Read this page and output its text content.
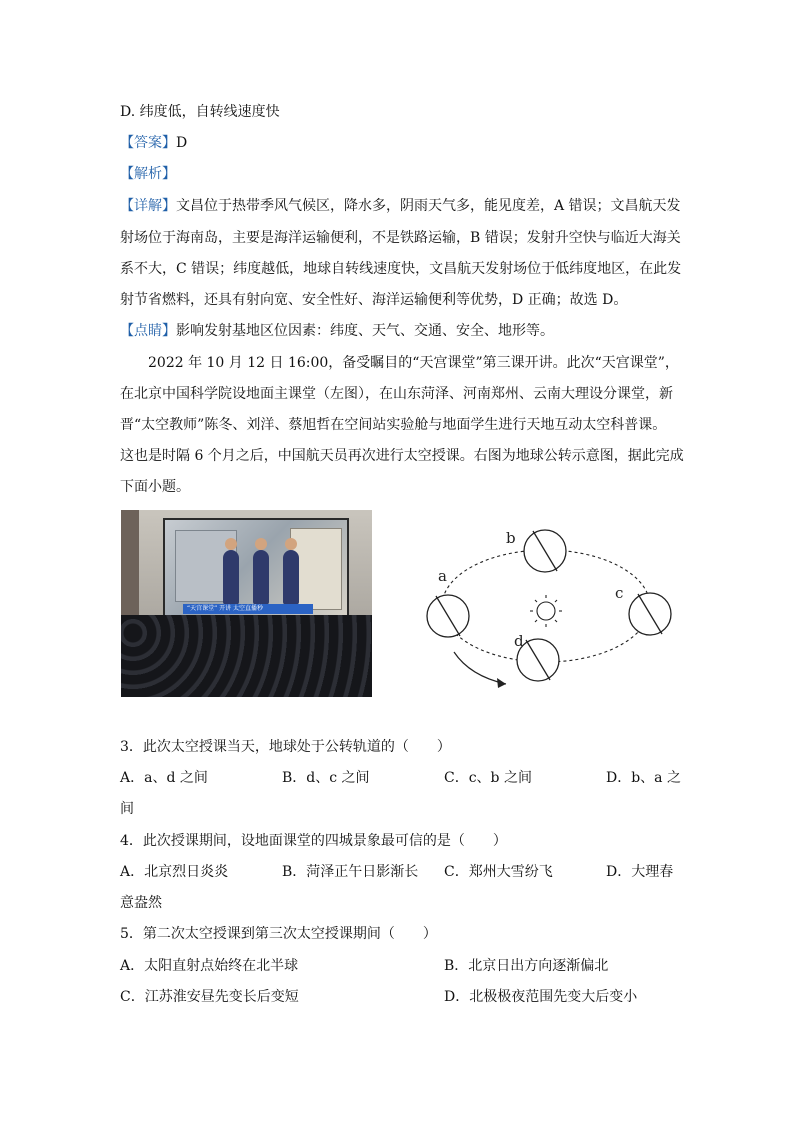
D. 纬度低，自转线速度快
【答案】D
【解析】
【详解】文昌位于热带季风气候区，降水多，阴雨天气多，能见度差，A 错误；文昌航天发
射场位于海南岛，主要是海洋运输便利，不是铁路运输，B 错误；发射升空快与临近大海关
系不大，C 错误；纬度越低，地球自转线速度快，文昌航天发射场位于低纬度地区，在此发
射节省燃料，还具有射向宽、安全性好、海洋运输便利等优势，D 正确；故选 D。
【点睛】影响发射基地区位因素：纬度、天气、交通、安全、地形等。
2022 年 10 月 12 日 16:00，备受瞩目的“天宫课堂”第三课开讲。此次“天宫课堂”，
在北京中国科学院设地面主课堂（左图），在山东菏泽、河南郑州、云南大理设分课堂，新
晋“太空教师”陈冬、刘洋、蔡旭哲在空间站实验舱与地面学生进行天地互动太空科普课。
这也是时隔 6 个月之后，中国航天员再次进行太空授课。右图为地球公转示意图，据此完成
下面小题。
“天宫课堂” 开讲 太空直播秒
a
b
c
d
3．此次太空授课当天，地球处于公转轨道的（　　）
A．a、d 之间	B．d、c 之间	C．c、b 之间	D．b、a 之
间
4．此次授课期间，设地面课堂的四城景象最可信的是（　　）
A．北京烈日炎炎	B．菏泽正午日影渐长 C．郑州大雪纷飞	D．大理春
意盎然
5．第二次太空授课到第三次太空授课期间（　　）
A．太阳直射点始终在北半球	B．北京日出方向逐渐偏北
C．江苏淮安昼先变长后变短	D．北极极夜范围先变大后变小
